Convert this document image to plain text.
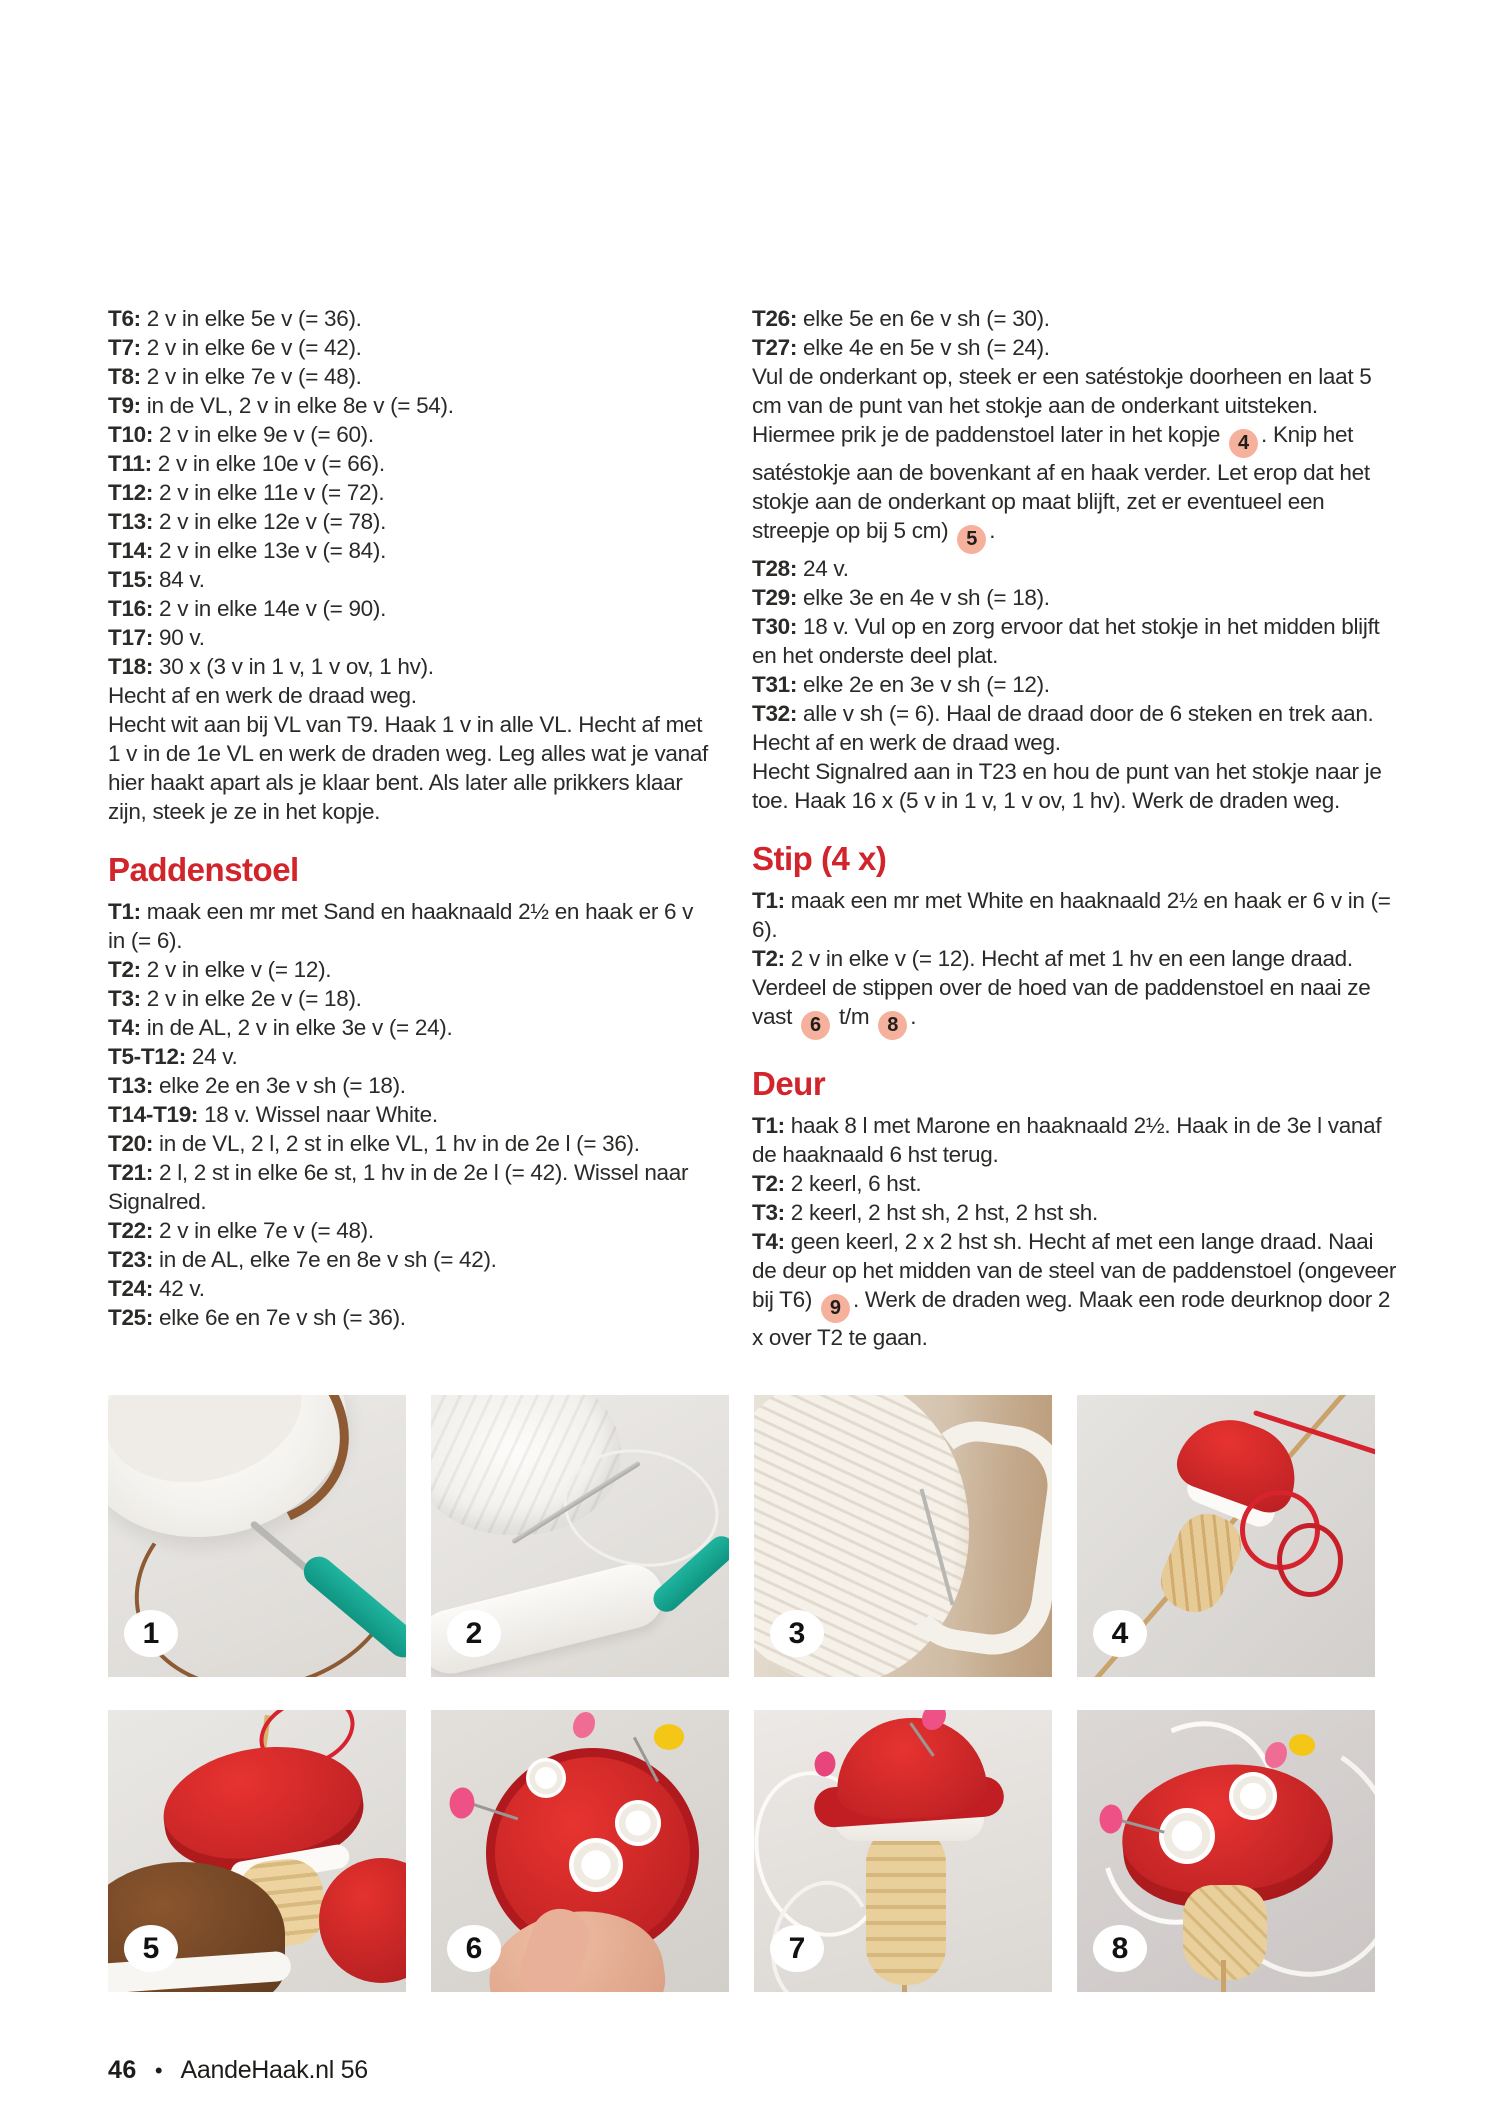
T6: 2 v in elke 5e v (= 36).

T7: 2 v in elke 6e v (= 42).

T8: 2 v in elke 7e v (= 48).

T9: in de VL, 2 v in elke 8e v (= 54).

T10: 2 v in elke 9e v (= 60).

T11: 2 v in elke 10e v (= 66).

T12: 2 v in elke 11e v (= 72).

T13: 2 v in elke 12e v (= 78).

T14: 2 v in elke 13e v (= 84).

T15: 84 v.

T16: 2 v in elke 14e v (= 90).

T17: 90 v.

T18: 30 x (3 v in 1 v, 1 v ov, 1 hv).

Hecht af en werk de draad weg.

Hecht wit aan bij VL van T9. Haak 1 v in alle VL. Hecht af met 1 v in de 1e VL en werk de draden weg. Leg alles wat je vanaf hier haakt apart als je klaar bent. Als later alle prikkers klaar zijn, steek je ze in het kopje.

Paddenstoel

T1: maak een mr met Sand en haaknaald 2½ en haak er 6 v in (= 6).

T2: 2 v in elke v (= 12).

T3: 2 v in elke 2e v (= 18).

T4: in de AL, 2 v in elke 3e v (= 24).

T5-T12: 24 v.

T13: elke 2e en 3e v sh (= 18).

T14-T19: 18 v. Wissel naar White.

T20: in de VL, 2 l, 2 st in elke VL, 1 hv in de 2e l (= 36).

T21: 2 l, 2 st in elke 6e st, 1 hv in de 2e l (= 42). Wissel naar Signalred.

T22: 2 v in elke 7e v (= 48).

T23: in de AL, elke 7e en 8e v sh (= 42).

T24: 42 v.

T25: elke 6e en 7e v sh (= 36).

T26: elke 5e en 6e v sh (= 30).

T27: elke 4e en 5e v sh (= 24).

Vul de onderkant op, steek er een satéstokje doorheen en laat 5 cm van de punt van het stokje aan de onderkant uitsteken. Hiermee prik je de paddenstoel later in het kopje 4 . Knip het satéstokje aan de bovenkant af en haak verder. Let erop dat het stokje aan de onderkant op maat blijft, zet er eventueel een streepje op bij 5 cm) 5 .

T28: 24 v.

T29: elke 3e en 4e v sh (= 18).

T30: 18 v. Vul op en zorg ervoor dat het stokje in het midden blijft en het onderste deel plat.

T31: elke 2e en 3e v sh (= 12).

T32: alle v sh (= 6). Haal de draad door de 6 steken en trek aan. Hecht af en werk de draad weg.

Hecht Signalred aan in T23 en hou de punt van het stokje naar je toe. Haak 16 x (5 v in 1 v, 1 v ov, 1 hv). Werk de draden weg.

Stip (4 x)

T1: maak een mr met White en haaknaald 2½ en haak er 6 v in (= 6).

T2: 2 v in elke v (= 12). Hecht af met 1 hv en een lange draad. Verdeel de stippen over de hoed van de paddenstoel en naai ze vast 6 t/m 8 .

Deur

T1: haak 8 l met Marone en haaknaald 2½. Haak in de 3e l vanaf de haaknaald 6 hst terug.

T2: 2 keerl, 6 hst.

T3: 2 keerl, 2 hst sh, 2 hst, 2 hst sh.

T4: geen keerl, 2 x 2 hst sh. Hecht af met een lange draad. Naai de deur op het midden van de steel van de paddenstoel (ongeveer bij T6) 9 . Werk de draden weg. Maak een rode deurknop door 2 x over T2 te gaan.

1	2	3	4
5	6	7	8
46 • AandeHaak.nl 56
